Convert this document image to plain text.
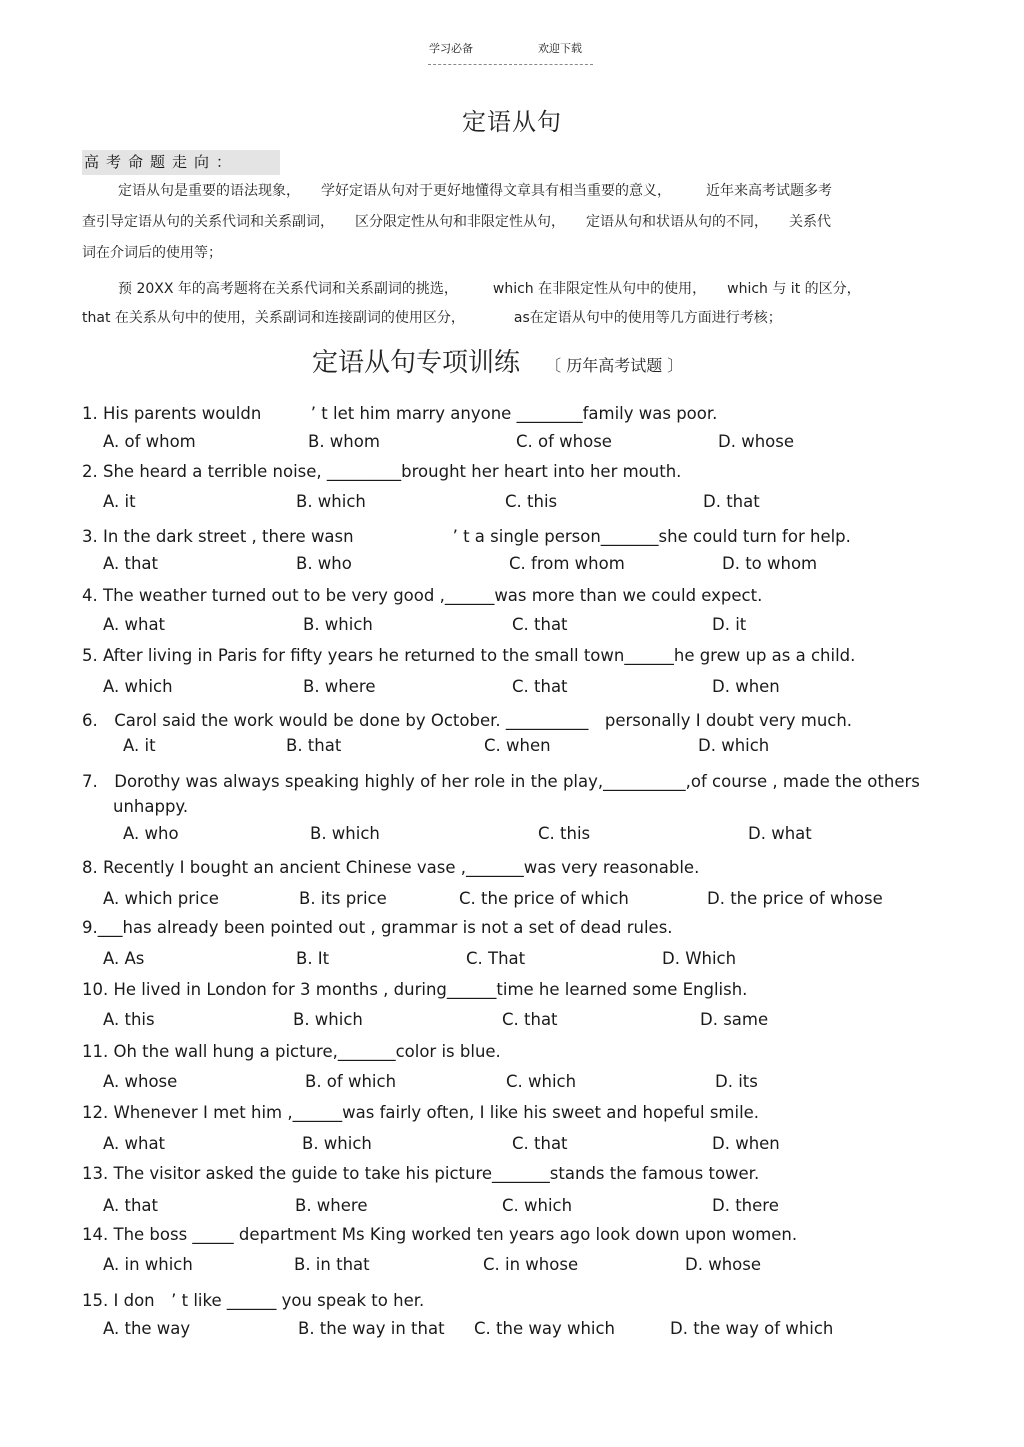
学习必备	欢迎下载
定语从句
高考命题走向：
定语从句是重要的语法现象，　　学好定语从句对于更好地懂得文章具有相当重要的意义，　　　近年来高考试题多考
查引导定语从句的关系代词和关系副词，　　区分限定性从句和非限定性从句，　　定语从句和状语从句的不同，　　关系代
词在介词后的使用等；
预 20XX 年的高考题将在关系代词和关系副词的挑选，　　　which 在非限定性从句中的使用，　　which 与 it 的区分，
that 在关系从句中的使用，关系副词和连接副词的使用区分，　　　　as在定语从句中的使用等几方面进行考核；
定语从句专项训练 〔 历年高考试题 〕
1. His parents wouldn　　　’ t let him marry anyone ________family was poor.
A. of whom	B. whom	C. of whose	D. whose
2. She heard a terrible noise, _________brought her heart into her mouth.
A. it	B. which	C. this	D. that
3. In the dark street , there wasn　　　　　　’ t a single person_______she could turn for help.
A. that	B. who	C. from whom	D. to whom
4. The weather turned out to be very good ,______was more than we could expect.
A. what	B. which	C. that	D. it
5. After living in Paris for fifty years he returned to the small town______he grew up as a child.
A. which	B. where	C. that	D. when
6.　Carol said the work would be done by October. __________　personally I doubt very much.
A. it	B. that	C. when	D. which
7.　Dorothy was always speaking highly of her role in the play,__________,of course , made the others
unhappy.
A. who	B. which	C. this	D. what
8. Recently I bought an ancient Chinese vase ,_______was very reasonable.
A. which price	B. its price	C. the price of which	D. the price of whose
9.___has already been pointed out , grammar is not a set of dead rules.
A. As	B. It	C. That	D. Which
10. He lived in London for 3 months , during______time he learned some English.
A. this	B. which	C. that	D. same
11. Oh the wall hung a picture,_______color is blue.
A. whose	B. of which	C. which	D. its
12. Whenever I met him ,______was fairly often, I like his sweet and hopeful smile.
A. what	B. which	C. that	D. when
13. The visitor asked the guide to take his picture_______stands the famous tower.
A. that	B. where	C. which	D. there
14. The boss _____ department Ms King worked ten years ago look down upon women.
A. in which	B. in that	C. in whose	D. whose
15. I don　’ t like ______ you speak to her.
A. the way	B. the way in that C. the way which	D. the way of which
